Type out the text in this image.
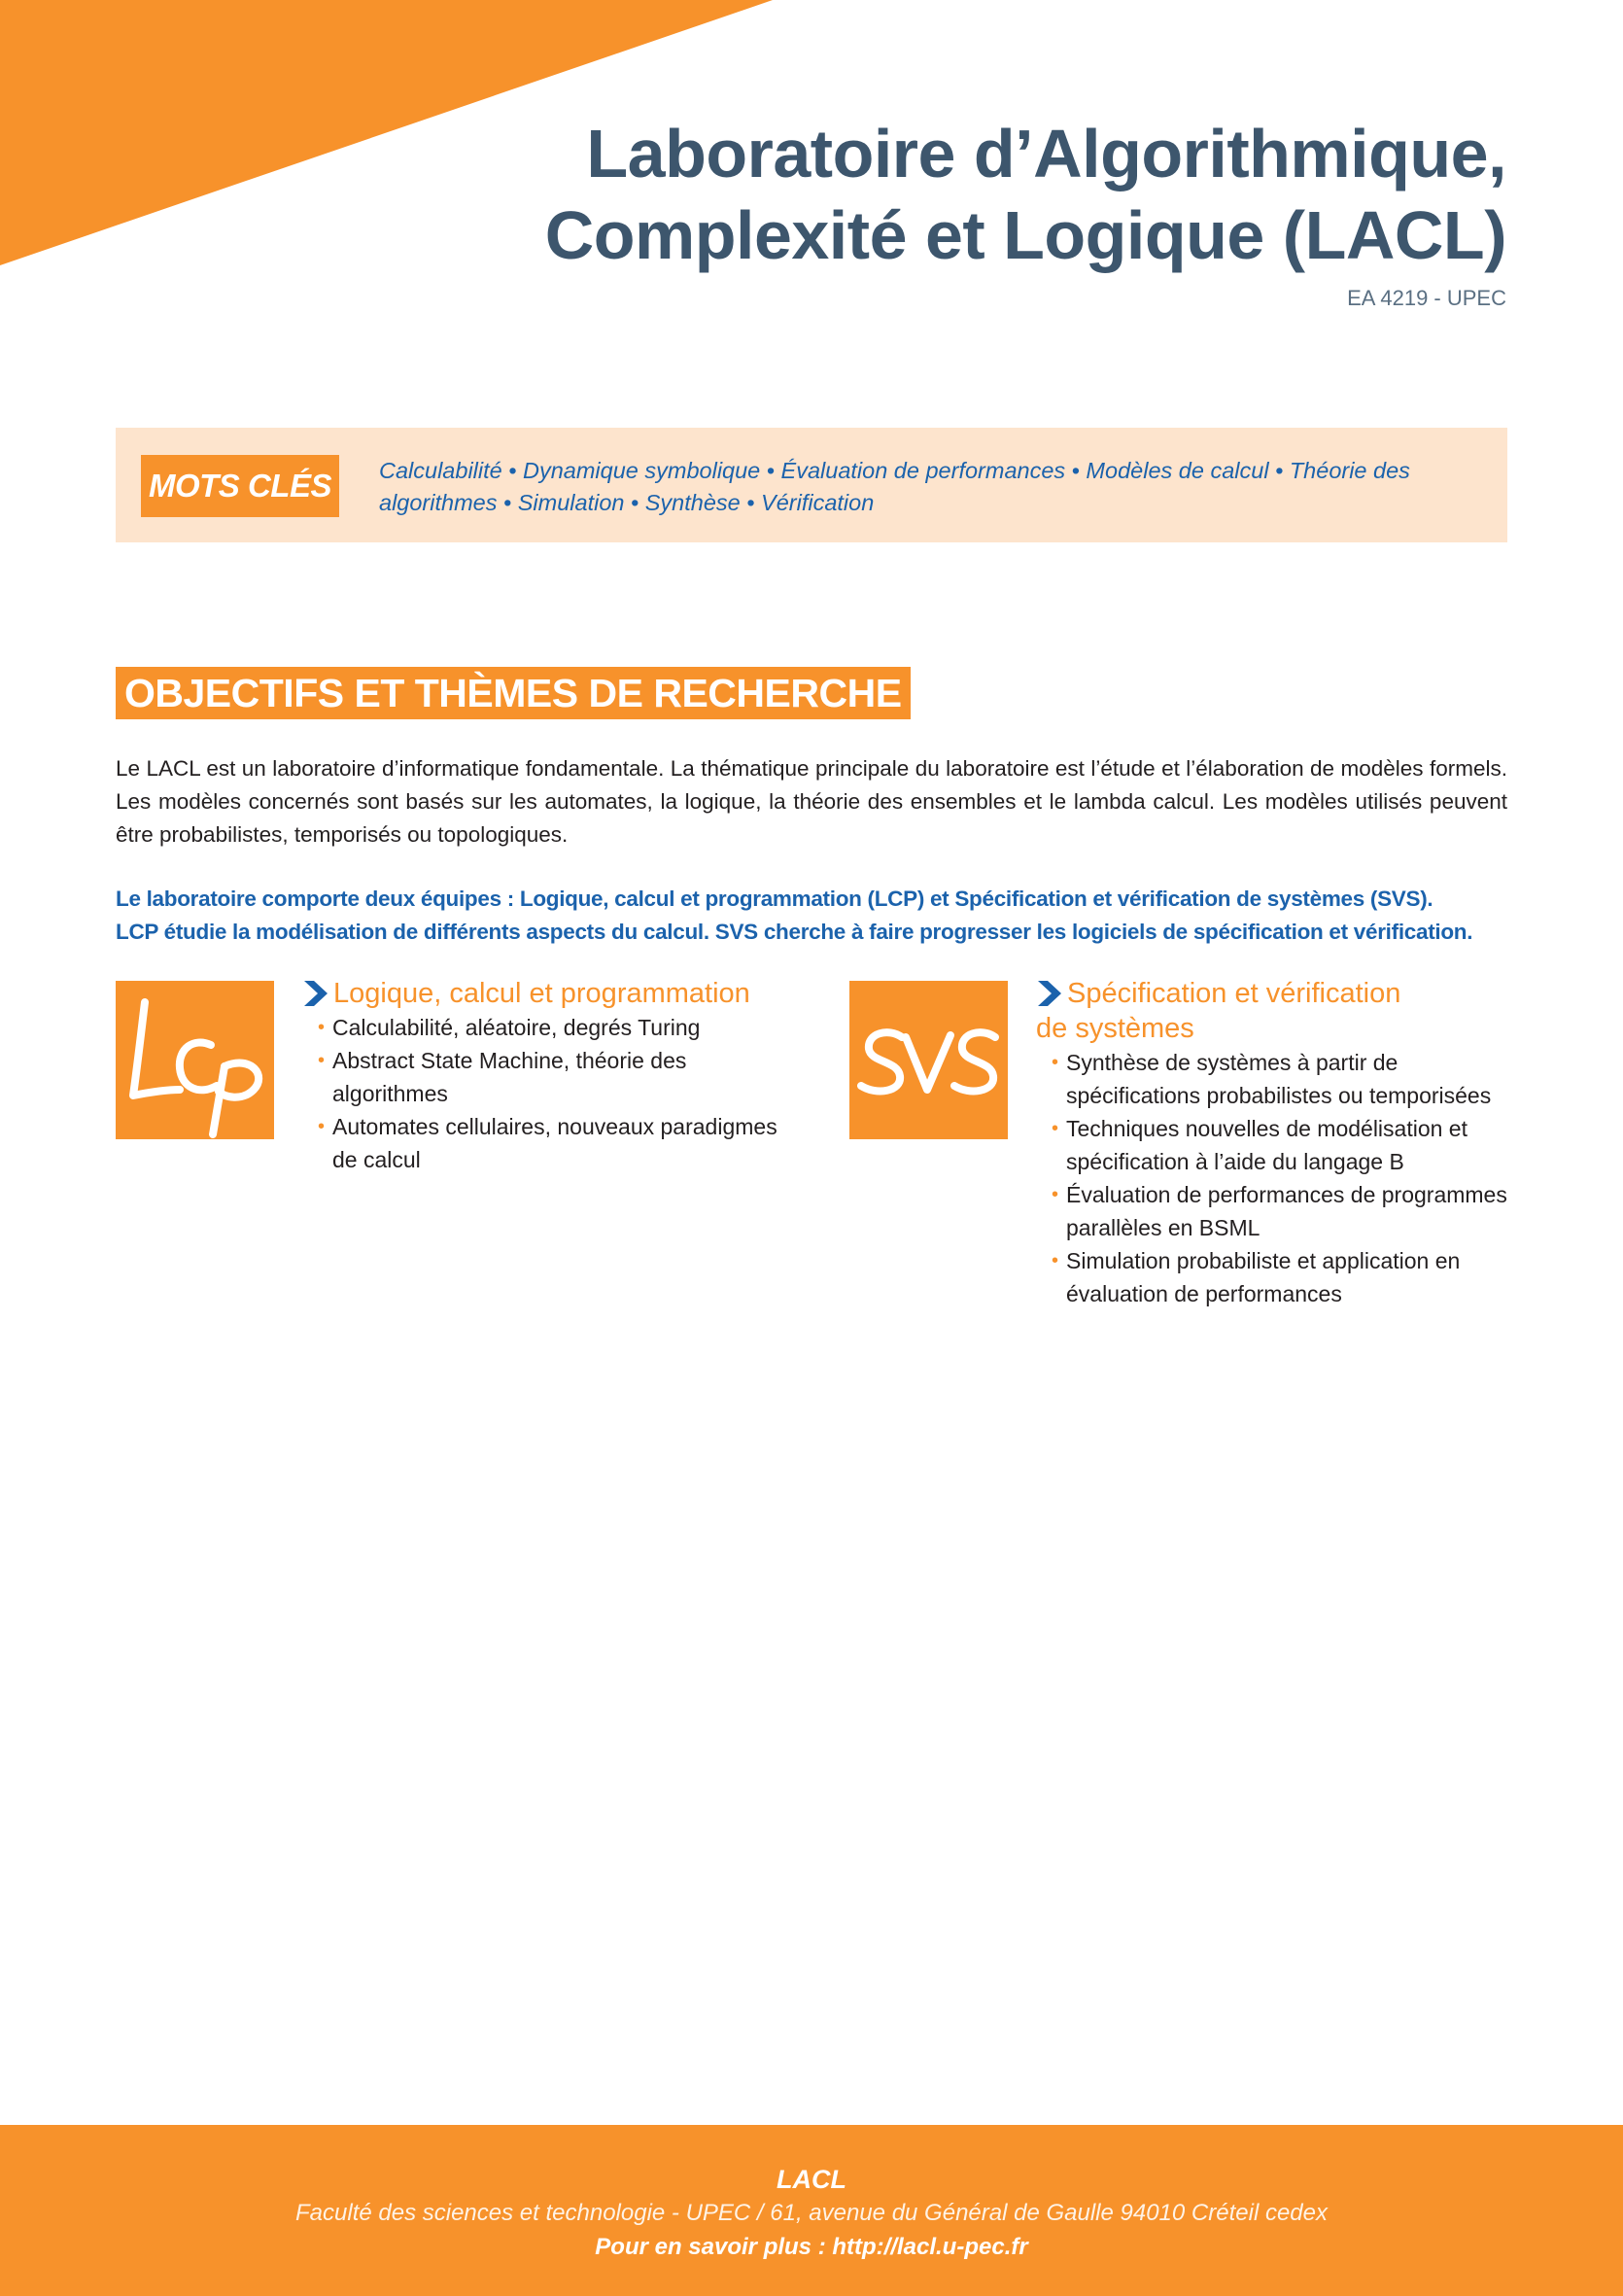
Laboratoire d’Algorithmique,
Complexité et Logique (LACL)
EA 4219 - UPEC
MOTS CLÉS	Calculabilité • Dynamique symbolique • Évaluation de performances • Modèles de calcul • Théorie des algorithmes • Simulation • Synthèse • Vérification
OBJECTIFS ET THÈMES DE RECHERCHE
Le LACL est un laboratoire d’informatique fondamentale. La thématique principale du laboratoire est l’étude et l’élaboration de modèles formels. Les modèles concernés sont basés sur les automates, la logique, la théorie des ensembles et le lambda calcul. Les modèles utilisés peuvent être probabilistes, temporisés ou topologiques.
Le laboratoire comporte deux équipes : Logique, calcul et programmation (LCP) et Spécification et vérification de systèmes (SVS).
LCP étudie la modélisation de différents aspects du calcul. SVS cherche à faire progresser les logiciels de spécification et vérification.
Logique, calcul et programmation
• Calculabilité, aléatoire, degrés Turing
• Abstract State Machine, théorie des algorithmes
• Automates cellulaires, nouveaux paradigmes de calcul
Spécification et vérification
de systèmes
• Synthèse de systèmes à partir de spécifications probabilistes ou temporisées
• Techniques nouvelles de modélisation et spécification à l’aide du langage B
• Évaluation de performances de programmes parallèles en BSML
• Simulation probabiliste et application en évaluation de performances
LACL
Faculté des sciences et technologie - UPEC / 61, avenue du Général de Gaulle 94010 Créteil cedex
Pour en savoir plus : http://lacl.u-pec.fr
